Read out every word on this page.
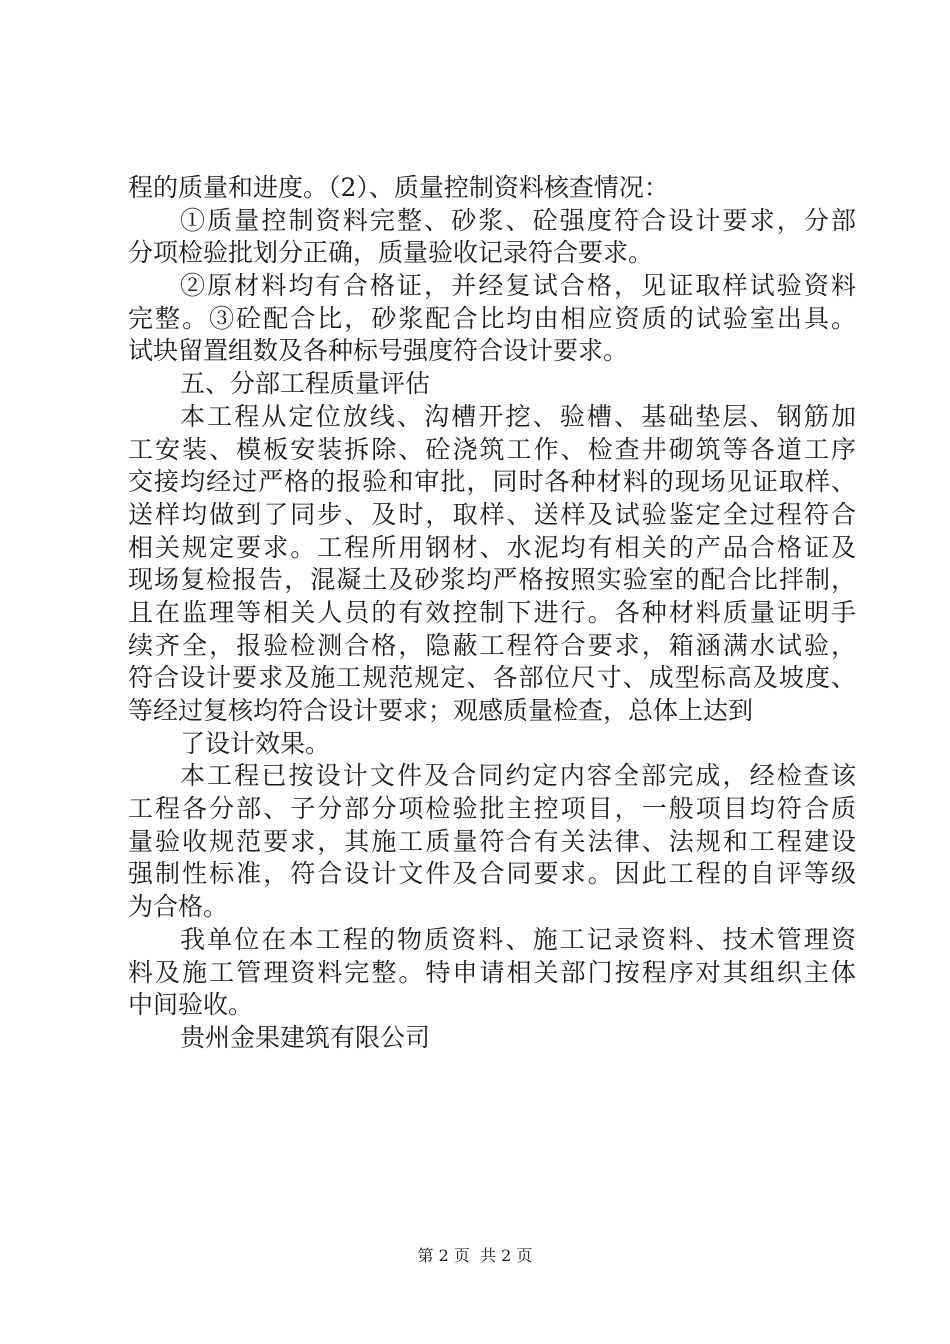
程的质量和进度。（2）、质量控制资料核查情况：
①质量控制资料完整、砂浆、砼强度符合设计要求，分部
分项检验批划分正确，质量验收记录符合要求。
②原材料均有合格证，并经复试合格，见证取样试验资料
完整。③砼配合比，砂浆配合比均由相应资质的试验室出具。
试块留置组数及各种标号强度符合设计要求。
五、分部工程质量评估
本工程从定位放线、沟槽开挖、验槽、基础垫层、钢筋加
工安装、模板安装拆除、砼浇筑工作、检查井砌筑等各道工序
交接均经过严格的报验和审批，同时各种材料的现场见证取样、
送样均做到了同步、及时，取样、送样及试验鉴定全过程符合
相关规定要求。工程所用钢材、水泥均有相关的产品合格证及
现场复检报告，混凝土及砂浆均严格按照实验室的配合比拌制，
且在监理等相关人员的有效控制下进行。各种材料质量证明手
续齐全，报验检测合格，隐蔽工程符合要求，箱涵满水试验，
符合设计要求及施工规范规定、各部位尺寸、成型标高及坡度、
等经过复核均符合设计要求；观感质量检查，总体上达到
了设计效果。
本工程已按设计文件及合同约定内容全部完成，经检查该
工程各分部、子分部分项检验批主控项目，一般项目均符合质
量验收规范要求，其施工质量符合有关法律、法规和工程建设
强制性标准，符合设计文件及合同要求。因此工程的自评等级
为合格。
我单位在本工程的物质资料、施工记录资料、技术管理资
料及施工管理资料完整。特申请相关部门按程序对其组织主体
中间验收。
贵州金果建筑有限公司
第 2 页  共 2 页
